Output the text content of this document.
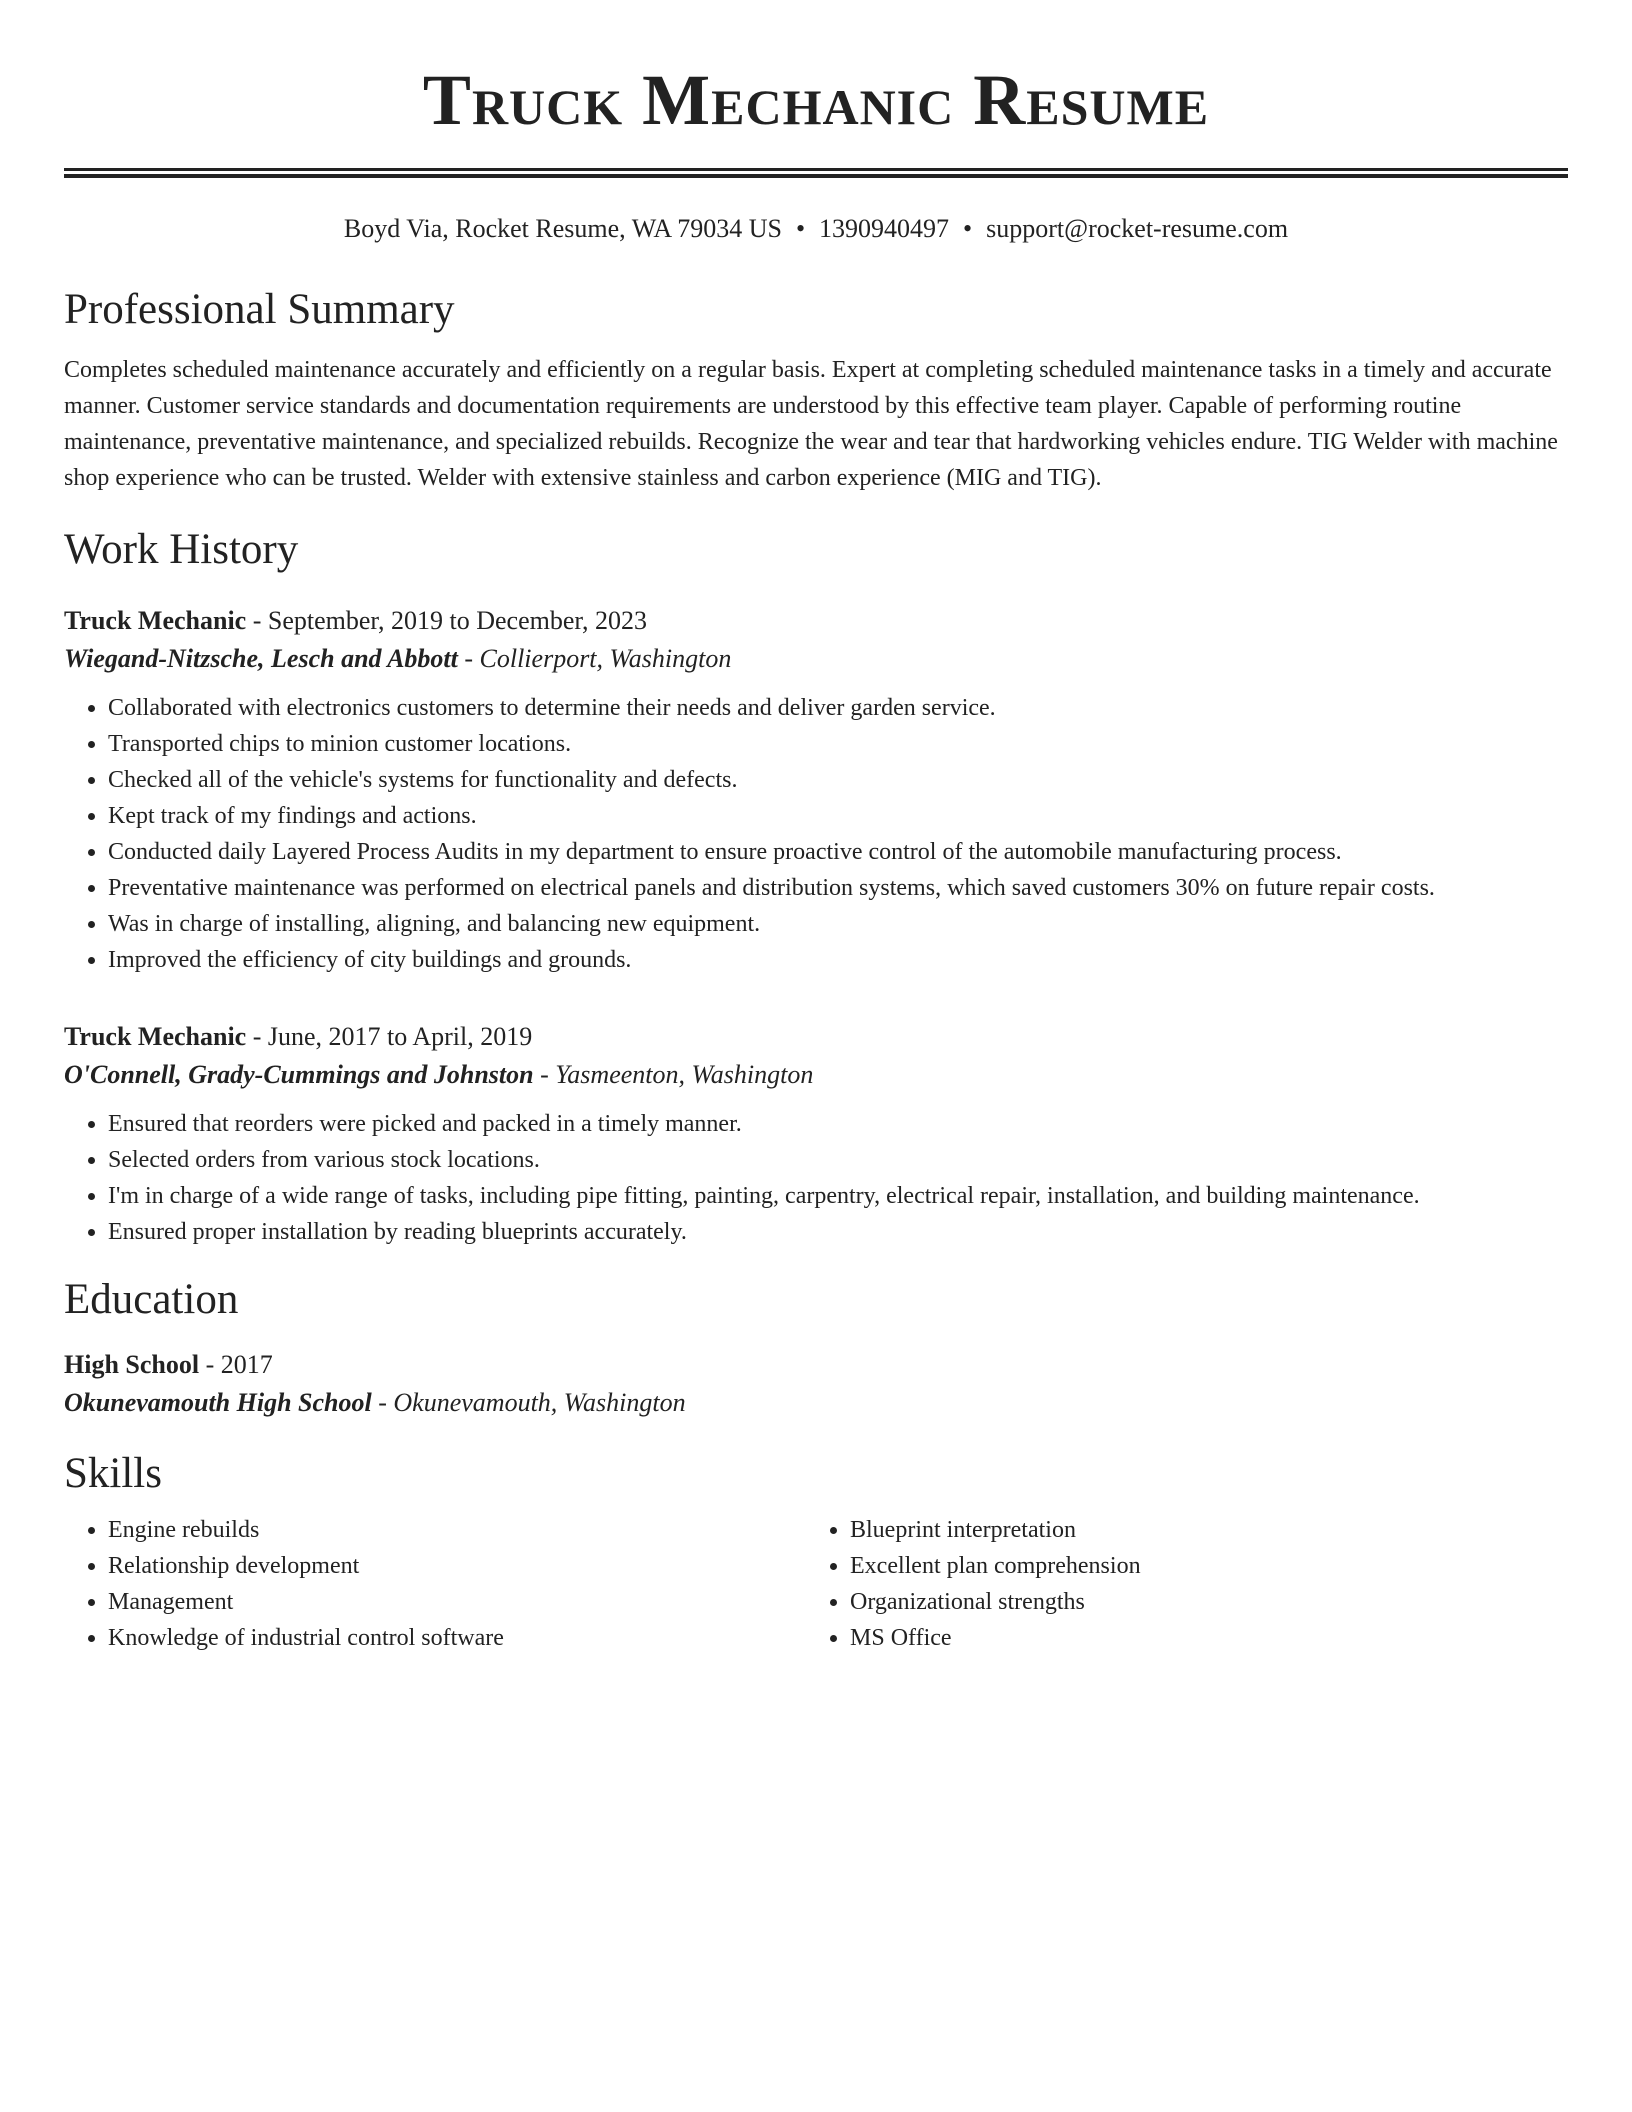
Truck Mechanic Resume
Boyd Via, Rocket Resume, WA 79034 US • 1390940497 • support@rocket-resume.com
Professional Summary

Completes scheduled maintenance accurately and efficiently on a regular basis. Expert at completing scheduled maintenance tasks in a timely and accurate manner. Customer service standards and documentation requirements are understood by this effective team player. Capable of performing routine maintenance, preventative maintenance, and specialized rebuilds. Recognize the wear and tear that hardworking vehicles endure. TIG Welder with machine shop experience who can be trusted. Welder with extensive stainless and carbon experience (MIG and TIG).

Work History
Truck Mechanic - September, 2019 to December, 2023
Wiegand-Nitzsche, Lesch and Abbott - Collierport, Washington
• Collaborated with electronics customers to determine their needs and deliver garden service.
• Transported chips to minion customer locations.
• Checked all of the vehicle's systems for functionality and defects.
• Kept track of my findings and actions.
• Conducted daily Layered Process Audits in my department to ensure proactive control of the automobile manufacturing process.
• Preventative maintenance was performed on electrical panels and distribution systems, which saved customers 30% on future repair costs.
• Was in charge of installing, aligning, and balancing new equipment.
• Improved the efficiency of city buildings and grounds.
Truck Mechanic - June, 2017 to April, 2019
O'Connell, Grady-Cummings and Johnston - Yasmeenton, Washington
• Ensured that reorders were picked and packed in a timely manner.
• Selected orders from various stock locations.
• I'm in charge of a wide range of tasks, including pipe fitting, painting, carpentry, electrical repair, installation, and building maintenance.
• Ensured proper installation by reading blueprints accurately.
Education
High School - 2017
Okunevamouth High School - Okunevamouth, Washington
Skills
• Engine rebuilds
• Relationship development
• Management
• Knowledge of industrial control software
• Blueprint interpretation
• Excellent plan comprehension
• Organizational strengths
• MS Office
